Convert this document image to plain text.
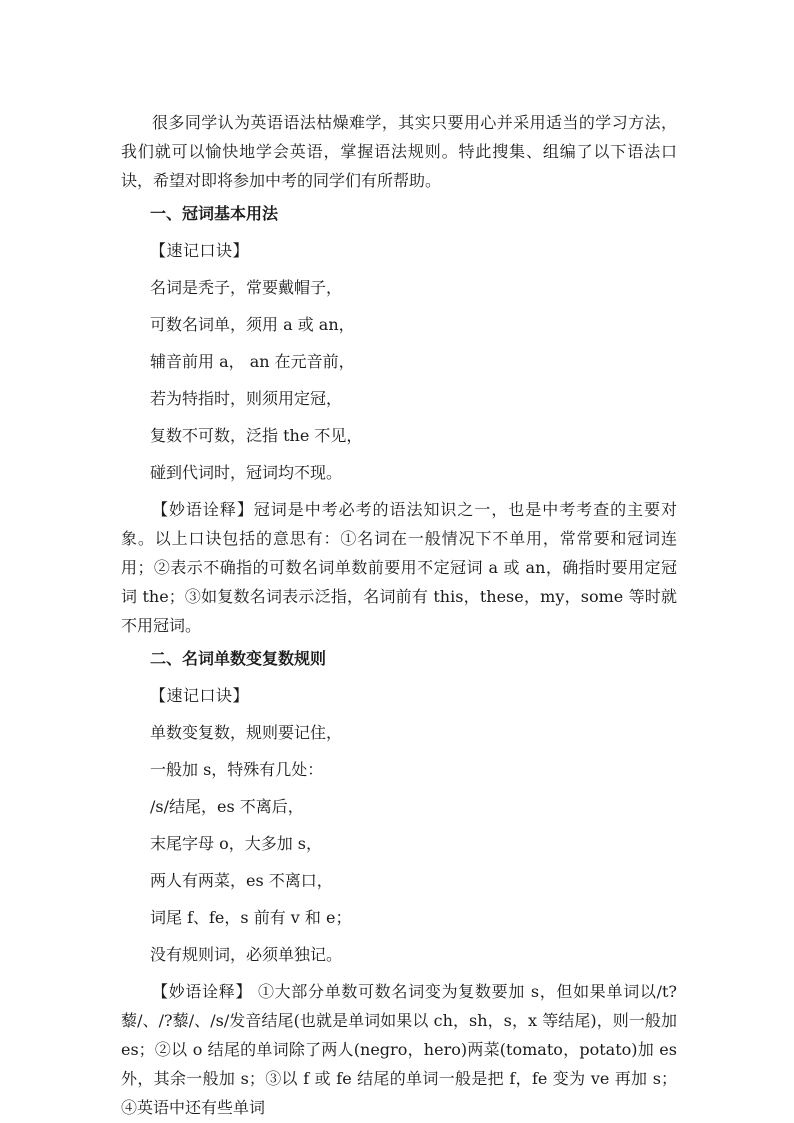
很多同学认为英语语法枯燥难学，其实只要用心并采用适当的学习方法，我们就可以愉快地学会英语，掌握语法规则。特此搜集、组编了以下语法口诀，希望对即将参加中考的同学们有所帮助。

一、冠词基本用法

【速记口诀】

名词是秃子，常要戴帽子，

可数名词单，须用 a 或 an，

辅音前用 a， an 在元音前，

若为特指时，则须用定冠，

复数不可数，泛指 the 不见，

碰到代词时，冠词均不现。

【妙语诠释】冠词是中考必考的语法知识之一，也是中考考查的主要对象。以上口诀包括的意思有：①名词在一般情况下不单用，常常要和冠词连用；②表示不确指的可数名词单数前要用不定冠词 a 或 an，确指时要用定冠词 the；③如复数名词表示泛指，名词前有 this，these，my，some 等时就不用冠词。

二、名词单数变复数规则

【速记口诀】

单数变复数，规则要记住，

一般加 s，特殊有几处：

/s/结尾，es 不离后，

末尾字母 o，大多加 s，

两人有两菜，es 不离口，

词尾 f、fe，s 前有 v 和 e；

没有规则词，必须单独记。

【妙语诠释】 ①大部分单数可数名词变为复数要加 s，但如果单词以/t?藜/、/?藜/、/s/发音结尾(也就是单词如果以 ch，sh，s，x 等结尾)，则一般加 es；②以 o 结尾的单词除了两人(negro，hero)两菜(tomato，potato)加 es 外，其余一般加 s；③以 f 或 fe 结尾的单词一般是把 f，fe 变为 ve 再加 s；④英语中还有些单词
